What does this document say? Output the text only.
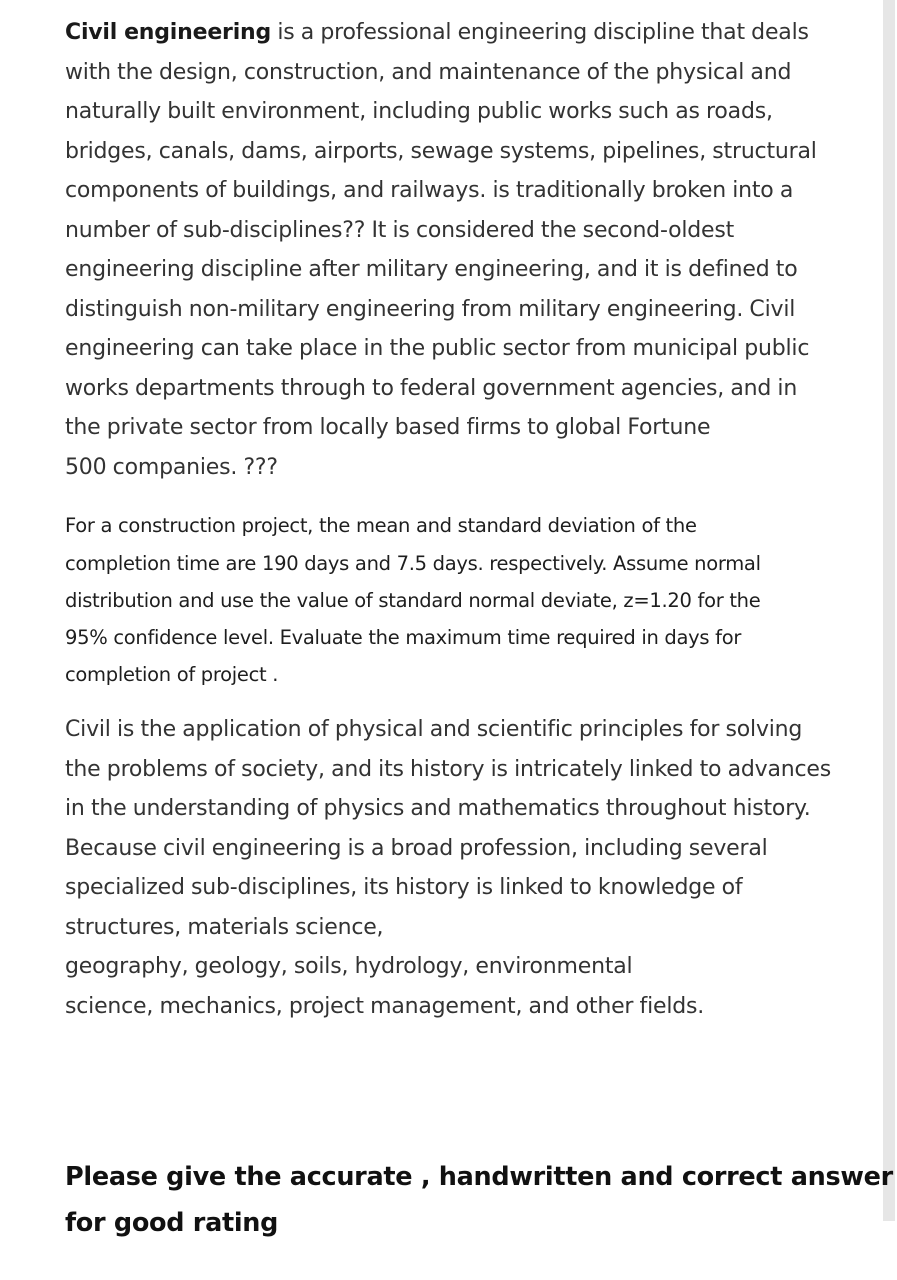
Civil engineering is a professional engineering discipline that deals
with the design, construction, and maintenance of the physical and
naturally built environment, including public works such as roads,
bridges, canals, dams, airports, sewage systems, pipelines, structural
components of buildings, and railways. is traditionally broken into a
number of sub-disciplines?? It is considered the second-oldest
engineering discipline after military engineering, and it is defined to
distinguish non-military engineering from military engineering. Civil
engineering can take place in the public sector from municipal public
works departments through to federal government agencies, and in
the private sector from locally based firms to global Fortune
500 companies. ???
For a construction project, the mean and standard deviation of the
completion time are 190 days and 7.5 days. respectively. Assume normal
distribution and use the value of standard normal deviate, z=1.20 for the
95% confidence level. Evaluate the maximum time required in days for
completion of project .
Civil is the application of physical and scientific principles for solving
the problems of society, and its history is intricately linked to advances
in the understanding of physics and mathematics throughout history.
Because civil engineering is a broad profession, including several
specialized sub-disciplines, its history is linked to knowledge of
structures, materials science,
geography, geology, soils, hydrology, environmental
science, mechanics, project management, and other fields.
Please give the accurate , handwritten and correct answer
for good rating
